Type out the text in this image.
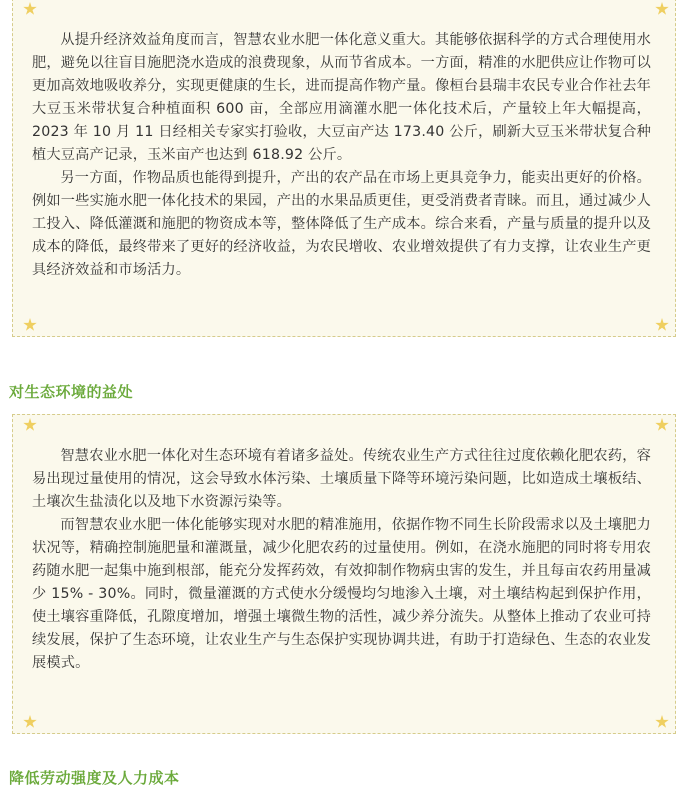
从提升经济效益角度而言，智慧农业水肥一体化意义重大。其能够依据科学的方式合理使用水肥，避免以往盲目施肥浇水造成的浪费现象，从而节省成本。一方面，精准的水肥供应让作物可以更加高效地吸收养分，实现更健康的生长，进而提高作物产量。像桓台县瑞丰农民专业合作社去年大豆玉米带状复合种植面积 600 亩，全部应用滴灌水肥一体化技术后，产量较上年大幅提高，2023 年 10 月 11 日经相关专家实打验收，大豆亩产达 173.40 公斤，刷新大豆玉米带状复合种植大豆高产记录，玉米亩产也达到 618.92 公斤。

另一方面，作物品质也能得到提升，产出的农产品在市场上更具竞争力，能卖出更好的价格。例如一些实施水肥一体化技术的果园，产出的水果品质更佳，更受消费者青睐。而且，通过减少人工投入、降低灌溉和施肥的物资成本等，整体降低了生产成本。综合来看，产量与质量的提升以及成本的降低，最终带来了更好的经济收益，为农民增收、农业增效提供了有力支撑，让农业生产更具经济效益和市场活力。

对生态环境的益处

智慧农业水肥一体化对生态环境有着诸多益处。传统农业生产方式往往过度依赖化肥农药，容易出现过量使用的情况，这会导致水体污染、土壤质量下降等环境污染问题，比如造成土壤板结、土壤次生盐渍化以及地下水资源污染等。

而智慧农业水肥一体化能够实现对水肥的精准施用，依据作物不同生长阶段需求以及土壤肥力状况等，精确控制施肥量和灌溉量，减少化肥农药的过量使用。例如，在浇水施肥的同时将专用农药随水肥一起集中施到根部，能充分发挥药效，有效抑制作物病虫害的发生，并且每亩农药用量减少 15% - 30%。同时，微量灌溉的方式使水分缓慢均匀地渗入土壤，对土壤结构起到保护作用，使土壤容重降低，孔隙度增加，增强土壤微生物的活性，减少养分流失。从整体上推动了农业可持续发展，保护了生态环境，让农业生产与生态保护实现协调共进，有助于打造绿色、生态的农业发展模式。

降低劳动强度及人力成本
